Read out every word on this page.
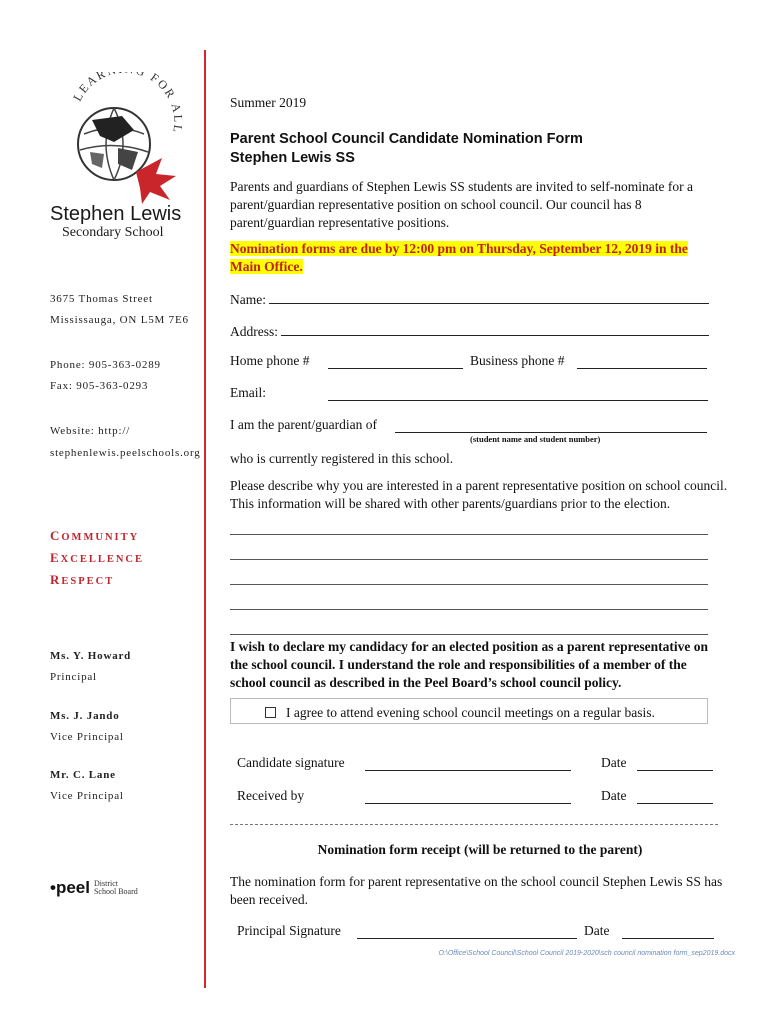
LEAR FOR ALL
Stephen Lewis
Secondary School
3675 Thomas Street
Mississauga, ON L5M 7E6
Phone: 905-363-0289
Fax: 905-363-0293
Website: http://
stephenlewis.peelschools.org
COMMUNITY
EXCELLENCE
RESPECT
Ms. Y. Howard
Principal
Ms. J. Jando
Vice Principal
Mr. C. Lane
Vice Principal
•peel District
School Board
Summer 2019
Parent School Council Candidate Nomination Form
Stephen Lewis SS
Parents and guardians of Stephen Lewis SS students are invited to self-nominate for a parent/guardian representative position on school council. Our council has 8 parent/guardian representative positions.
Nomination forms are due by 12:00 pm on Thursday, September 12, 2019 in the
Main Office.
Name:
Address:
Home phone #	Business phone #
Email:
I am the parent/guardian of
(student name and student number)
who is currently registered in this school.
Please describe why you are interested in a parent representative position on school council. This information will be shared with other parents/guardians prior to the election.
I wish to declare my candidacy for an elected position as a parent representative on the school council. I understand the role and responsibilities of a member of the school council as described in the Peel Board’s school council policy.
I agree to attend evening school council meetings on a regular basis.
Candidate signature	Date
Received by	Date
Nomination form receipt (will be returned to the parent)
The nomination form for parent representative on the school council Stephen Lewis SS has been received.
Principal Signature	Date
O:\Office\School Council\School Council 2019-2020\sch council nomination form_sep2019.docx
